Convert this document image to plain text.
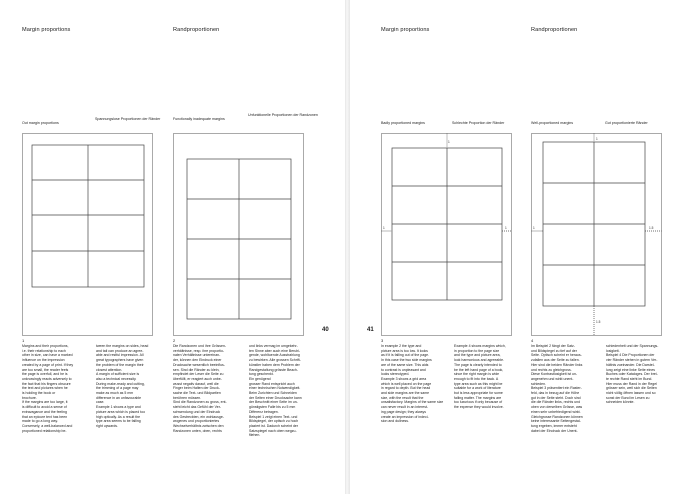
Margin proportions	Randproportionen
Out margin proportions
Spannungslose Proportionen der Ränder	Functionally inadequate margins
Unfunktionelle Proportionen der Randzonen
40
1	2
Margins and their proportions,
i.e. their relationship to each
other in size, can have a marked
influence on the impression
created by a page of print. If they
are too small, the reader feels
the page is overfull, and he is
unknowingly reacts adversely to
the fact that his fingers obscure
the text and pictures when he
is holding the book or
brochure.
If the margins are too large, it
is difficult to avoid a sense of
extravagance and the feeling
that an epicure text has been
made to go a long way.
Conversely, a well-balanced and
proportioned relationship be-
tween the margins on sides, head
and tail can produce an agree-
able and restful impression. All
great typographers have given
the problem of the margin their
closest attention.
A margin of sufficient size is
also a technical necessity.
During make-ready and cutting,
the trimming of a page may
make as much as 5 mm
difference in an unfavourable
case.
Example 1 shows a type and
picture area which is placed too
high optically. As a result the
type area seems to be falling
right upwards.
Die Randzonen und ihre Grössen-
verhältnisse, resp. ihre proportio-
nalen Verhältnisse untereinan-
der, können den Eindruck einer
Drucksache wesentlich beeinflus-
sen. Sind die Ränder zu klein,
empfindet der Leser die Seite zu
überfüllt, er reagiert auch unbe-
wusst negativ darauf, weil die
Finger beim Halten der Druck-
sache die Text- und Bildpartien
berühren müssen.
Sind die Randzonen zu gross, ent-
steht leicht das Gefühl der Ver-
schwendung und der Eindruck
des Gestreckten, ein wohlausge-
wogenes und proportioniertes
Wechselverhältnis zwischen den
Randzonen unten, oben, rechts
und links vermag im umgekehr-
ten Sinne aber auch eine Beruhi-
gende, wohltuende Ausstrahlung
zu bewirken. Alle grossen Schrift-
künstler haben dem Problem der
Randgestaltung grösste Beach-
tung geschenkt.
Ein genügend
grosser Rand entspricht auch
einer technischen Notwendigkeit.
Beim Zurichten und Schneiden
der Seiten einer Drucksache kann
der Beschnitt einer Seite im un-
günstigsten Falle bis zu 5 mm
Differenz betragen.
Beispiel 1 zeigt einen Text- und
Bildspiegel, der optisch zu hoch
plaziert ist. Dadurch scheint der
Satzspiegel nach oben wegzu-
fliehen.
Margin proportions	Randproportionen
Badly proportioned margins	Schlechte Proportion der Ränder	Well-proportioned margins	Gut proportionierte Ränder
1	1
1
1	1.5
1
1.5
41
3	4
In example 2 the type and
picture area is too low. It looks
as if it is falling out of the page.
In this case the two side margins
are of the same size. This aids
to contrast is unpleasant and
looks stereotyped.
Example 3 shows a grid area
which is well placed on the page
in regard to depth. But the head
and side margins are the same
size, with the result that the
unsatisfactory. Margins of the same size
can never result in an interest-
ing page design; they always
create an impression of indeci-
sion and dullness.
Example 4 shows margins which,
in proportion to the page size
and the type and picture area,
look harmonious and agreeable.
The page is clearly intended to
be the left hand page of a book,
since the right margin is wide
enough to fit into the back. A
type area such as this might be
suitable for a work of literature
but is less appropriate for some
failing matter. The margins are
too luxurious if only because of
the expense they would involve.
Im Beispiel 2 fängt der Satz-
und Bildspiegel zu tief auf der
Seite. Optisch scheint er heraus-
zufallen aus der Seite zu fallen.
Hier sind die beiden Ränder links
und rechts zu gleichgross.
Diese Kontrastlosigkeit ist un-
angenehm und wirkt unent-
schieden.
Beispiel 3 präsentiert ein Raster-
feld, das in bezug auf die Höhe
gut in der Seite steht. Doch sind
die die Ränder links, rechts und
oben von derselben Grösse, was
einen sehr unbefriedigend wirkt.
Gleichgrosse Randzonen können
keine interessante Seitengestal-
tung ergeben, immer entsteht
dabei der Eindruck der Unent-
schiedenheit und der Spannungs-
losigkeit.
Beispiel 4 Die Proportionen der
vier Ränder stehen in gutem Ver-
hältnis zueinander. Die Darstel-
lung zeigt eine linke Seite eines
Buches oder Kataloges. Der brei-
te rechte Rand steht im Bund.
Hier muss der Rand in der Regel
grösser sein, weil sich die Seiten
nicht völlig öffnen lassen und so
sonst der Bund im Lesen zu
schneiden könnte.
